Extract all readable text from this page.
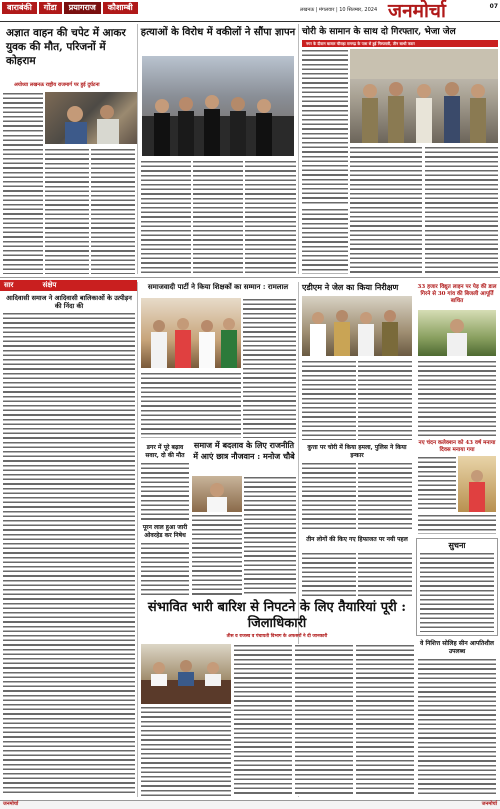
बाराबंकी	गोंडा	प्रयागराज	कौशाम्बी	लखनऊ | मंगलवार | 10 सितम्बर, 2024 जनमोर्चा	07
अज्ञात वाहन की चपेट में आकर युवक की मौत, परिजनों में कोहराम
अयोध्या लखनऊ राष्ट्रीय राजमार्ग पर हुई दुर्घटना
हत्याओं के विरोध में वकीलों ने सौंपा ज्ञापन चोरी के सामान के साथ दो गिरफ्तार, भेजा जेल
नगर के दीवान बाजार चौराहा रामगढ़ के पास से हुई गिरफ्तारी, तीन साथी फरार
सार	संक्षेप
आदिवासी समाज ने आदिवासी बालिकाओं के उत्पीड़न की निंदा की
समाजवादी पार्टी ने किया शिक्षकों का सम्मान : रामलाल
डगर में पूरे बढ़ाव सवार, दो की मौत
पूरन लाल हुआ जारी ओवरहेड कर निषेध
समाज में बदलाव के लिए राजनीति में आएं छात्र नौजवान : मनोज चौबे
एडीएम ने जेल का किया निरीक्षण	33 हजार विद्युत लाइन पर पेड़ की डाल गिरने से 30 गांव की बिजली आपूर्ति बाधित
कुत्ता पर चोरी में किया हमला, पुलिस ने किया इन्कार
नए चंदन कलेक्शन को 43 वर्ष मनाया दिवस मनाया गया
तीन लोगों की किए गए हिफाजत पर नयी पहल
सुचना
संभावित भारी बारिश से निपटने के लिए तैयारियां पूरी : जिलाधिकारी
तीस व राजस्व व पंचायती विभाग के अफसरों ने दी जानकारी
वे निशित्त सोलिह सीन आपतिशील उपलब्ध
जनमोर्चा	जनमोर्चा
